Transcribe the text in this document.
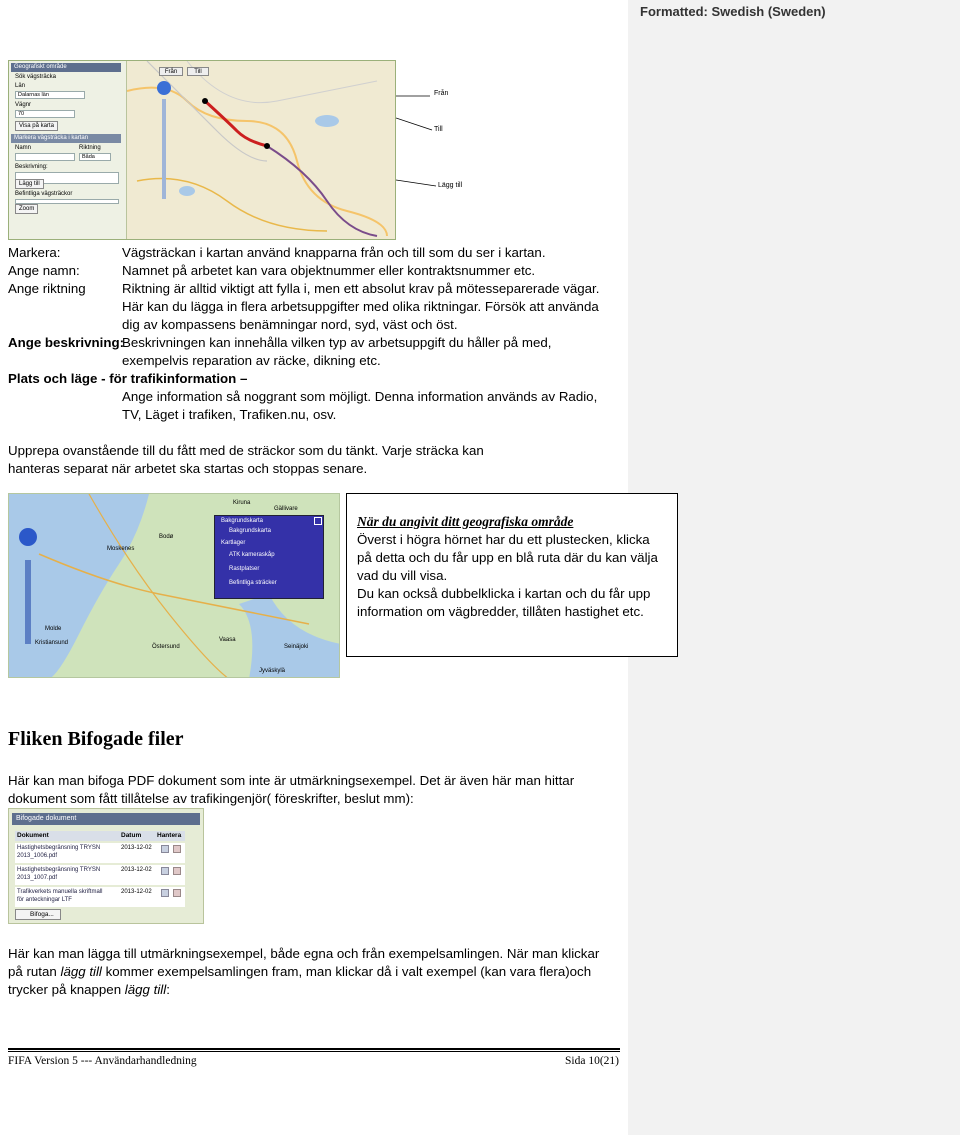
Formatted: Swedish (Sweden)
Geografiskt område
Sök vägsträcka
Län
Dalarnas län
Vägnr
70
Visa på karta
Markera vägsträcka i kartan
Namn	Riktning
Båda
Beskrivning:
Lägg till
Befintliga vägsträckor
Zoom
Från	Till
Från
Till
Lägg till
Markera:	Vägsträckan i kartan använd knapparna från och till som du ser i kartan.
Ange namn:	Namnet på arbetet kan vara objektnummer eller kontraktsnummer etc.
Ange riktning	Riktning är alltid viktigt att fylla i, men ett absolut krav på mötesseparerade vägar.
Här kan du lägga in flera arbetsuppgifter med olika riktningar. Försök att använda
dig av kompassens benämningar nord, syd, väst och öst.
Ange beskrivning:
Beskrivningen kan innehålla vilken typ av arbetsuppgift du håller på med,
exempelvis reparation av räcke, dikning etc.
Plats och läge - för trafikinformation –
Ange information så noggrant som möjligt. Denna information används av Radio,
TV, Läget i trafiken, Trafiken.nu, osv.
Upprepa ovanstående till du fått med de sträckor som du tänkt. Varje sträcka kan
hanteras separat när arbetet ska startas och stoppas senare.
Bakgrundskarta
Bakgrundskarta
Kartlager
ATK kameraskåp
Rastplatser
Befintliga sträcker
Moskenes
Bodø
Kiruna
Gällivare
Kristiansund
Östersund
Vaasa
Seinäjoki
Jyväskylä
Molde
När du angivit ditt geografiska område
Överst i högra hörnet har du ett plustecken, klicka
på detta och du får upp en blå ruta där du kan välja
vad du vill visa.
Du kan också dubbelklicka i kartan och du får upp
information om vägbredder, tillåten hastighet etc.
Fliken Bifogade filer
Här kan man bifoga PDF dokument som inte är utmärkningsexempel. Det är även här man hittar
dokument som fått tillåtelse av trafikingenjör( föreskrifter, beslut mm):
Bifogade dokument
Dokument	Datum Hantera
Hastighetsbegränsning TRYSN
2013_1006.pdf
2013-12-02
Hastighetsbegränsning TRYSN
2013_1007.pdf
2013-12-02
Trafikverkets manuella skriftmall
för anteckningar LTF
2013-12-02
Bifoga...
Här kan man lägga till utmärkningsexempel, både egna och från exempelsamlingen. När man klickar
på rutan lägg till kommer exempelsamlingen fram, man klickar då i valt exempel (kan vara flera)och
trycker på knappen lägg till:
FIFA Version 5 --- Användarhandledning	Sida 10(21)
